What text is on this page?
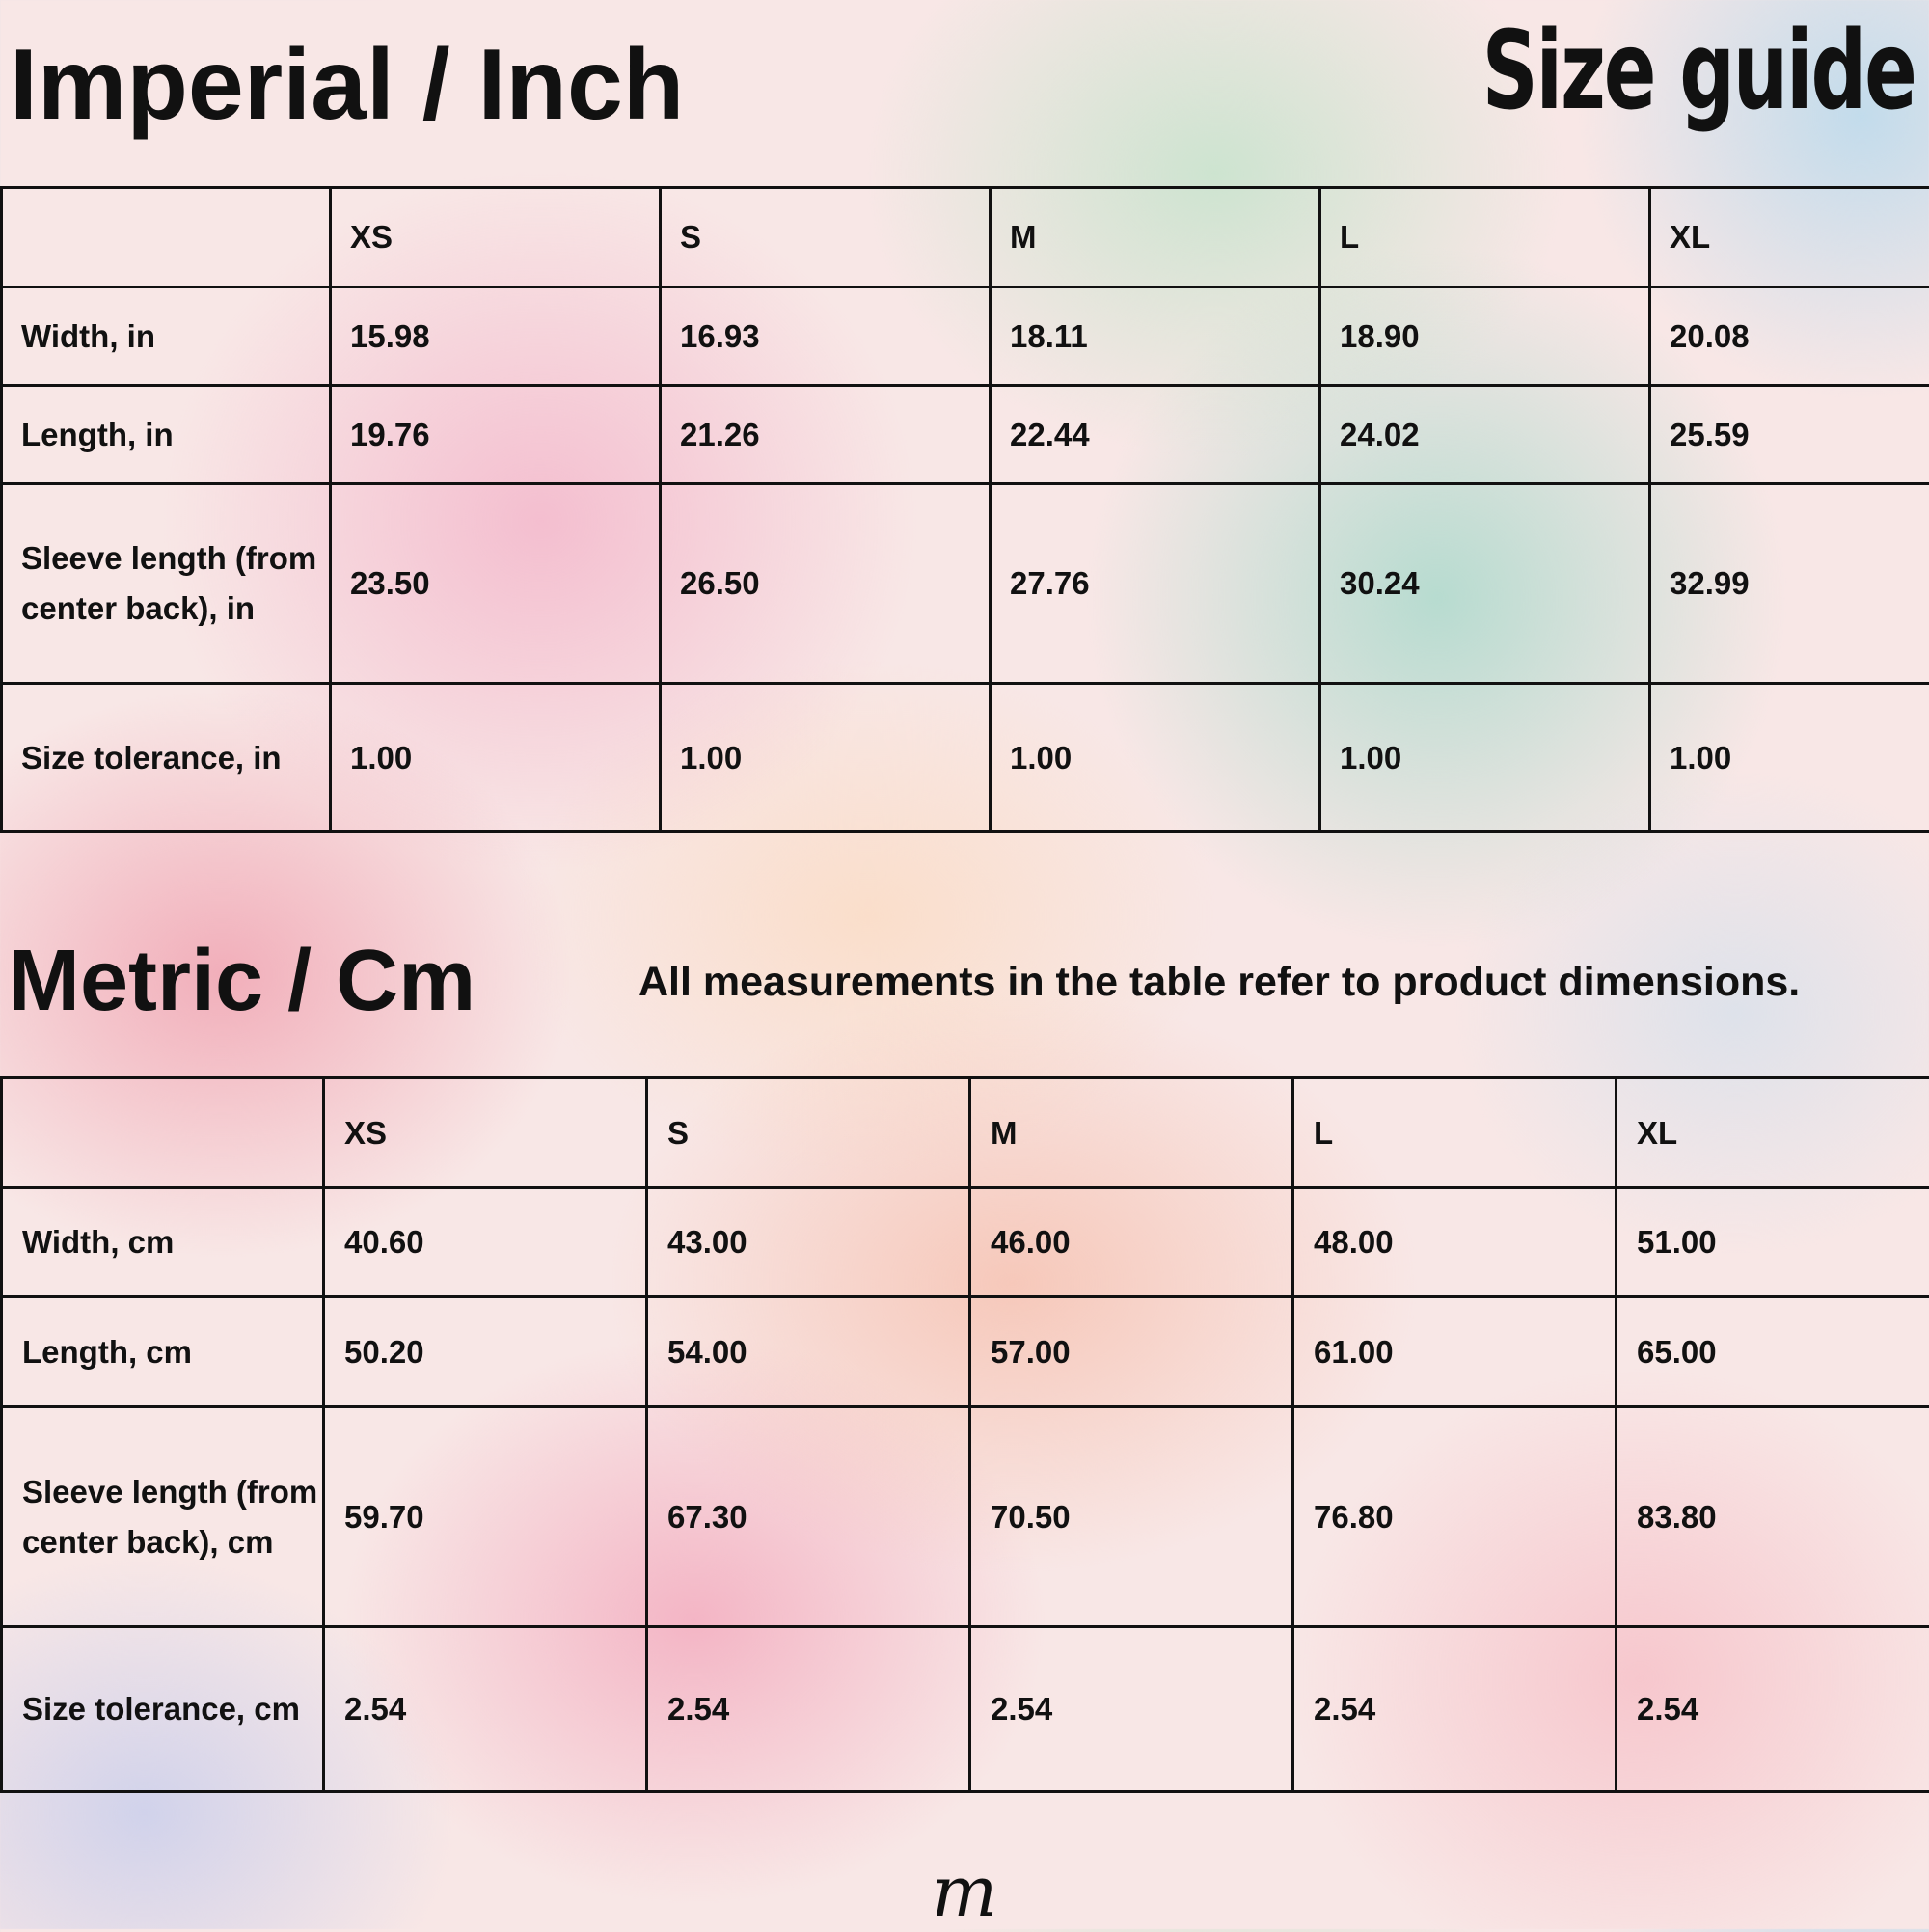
Imperial / Inch	Size guide
	XS	S	M	L	XL
Width, in	15.98	16.93	18.11	18.90	20.08
Length, in	19.76	21.26	22.44	24.02	25.59
Sleeve length (from center back), in	23.50	26.50	27.76	30.24	32.99
Size tolerance, in	1.00	1.00	1.00	1.00	1.00
Metric / Cm	All measurements in the table refer to product dimensions.
	XS	S	M	L	XL
Width, cm	40.60	43.00	46.00	48.00	51.00
Length, cm	50.20	54.00	57.00	61.00	65.00
Sleeve length (from center back), cm	59.70	67.30	70.50	76.80	83.80
Size tolerance, cm	2.54	2.54	2.54	2.54	2.54
m
